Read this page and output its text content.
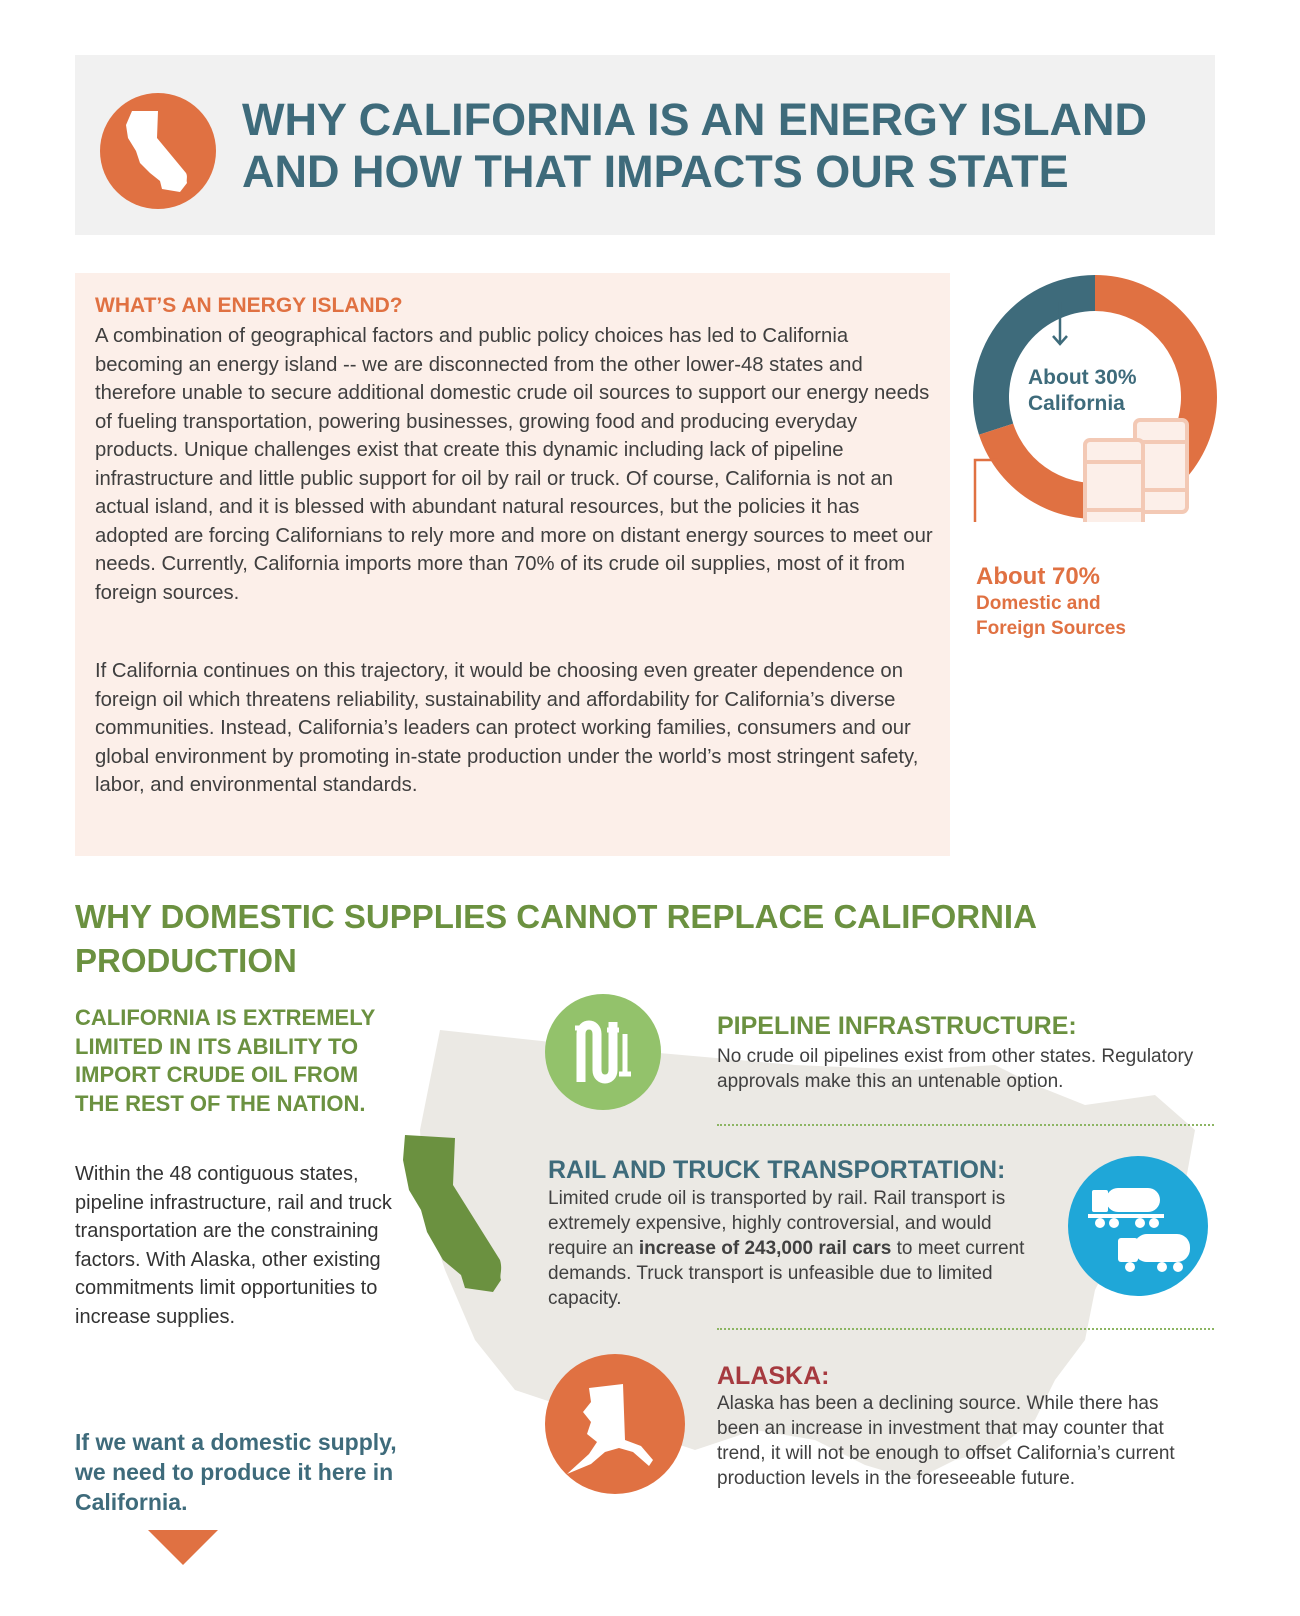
WHY CALIFORNIA IS AN ENERGY ISLAND AND HOW THAT IMPACTS OUR STATE
WHAT’S AN ENERGY ISLAND?

A combination of geographical factors and public policy choices has led to California becoming an energy island -- we are disconnected from the other lower-48 states and therefore unable to secure additional domestic crude oil sources to support our energy needs of fueling transportation, powering businesses, growing food and producing everyday products. Unique challenges exist that create this dynamic including lack of pipeline infrastructure and little public support for oil by rail or truck. Of course, California is not an actual island, and it is blessed with abundant natural resources, but the policies it has adopted are forcing Californians to rely more and more on distant energy sources to meet our needs. Currently, California imports more than 70% of its crude oil supplies, most of it from foreign sources.

If California continues on this trajectory, it would be choosing even greater dependence on foreign oil which threatens reliability, sustainability and affordability for California’s diverse communities. Instead, California’s leaders can protect working families, consumers and our global environment by promoting in-state production under the world’s most stringent safety, labor, and environmental standards.

About 30%
California
About 70%
Domestic and
Foreign Sources
WHY DOMESTIC SUPPLIES CANNOT REPLACE CALIFORNIA PRODUCTION
CALIFORNIA IS EXTREMELY LIMITED IN ITS ABILITY TO IMPORT CRUDE OIL FROM THE REST OF THE NATION.

Within the 48 contiguous states, pipeline infrastructure, rail and truck transportation are the constraining factors. With Alaska, other existing commitments limit opportunities to increase supplies.

If we want a domestic supply, we need to produce it here in California.

PIPELINE INFRASTRUCTURE:

No crude oil pipelines exist from other states. Regulatory approvals make this an untenable option.

RAIL AND TRUCK TRANSPORTATION:

Limited crude oil is transported by rail. Rail transport is extremely expensive, highly controversial, and would require an increase of 243,000 rail cars to meet current demands. Truck transport is unfeasible due to limited capacity.

ALASKA:

Alaska has been a declining source. While there has been an increase in investment that may counter that trend, it will not be enough to offset California’s current production levels in the foreseeable future.
